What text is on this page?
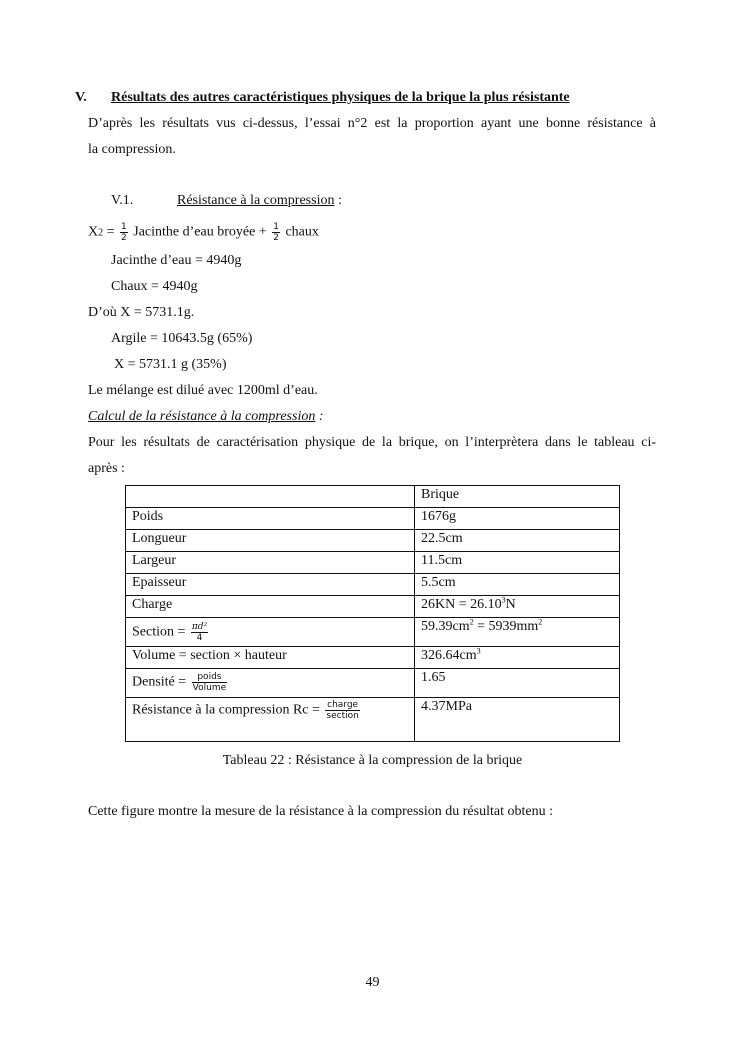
V. Résultats des autres caractéristiques physiques de la brique la plus résistante
D’après les résultats vus ci-dessus, l’essai n°2 est la proportion ayant une bonne résistance à
la compression.
V.1.	Résistance à la compression :
$X2 = \frac{1}{2}$ Jacinthe d’eau broyée + $\frac{1}{2}$ chaux
Jacinthe d’eau = 4940g
Chaux = 4940g
D’où X = 5731.1g.
Argile = 10643.5g (65%)
X = 5731.1 g (35%)
Le mélange est dilué avec 1200ml d’eau.
Calcul de la résistance à la compression :
Pour les résultats de caractérisation physique de la brique, on l’interprètera dans le tableau ci-
après :
	Brique
Poids	1676g
Longueur	22.5cm
Largeur	11.5cm
Epaisseur	5.5cm
Charge	$26KN = 26.10^3N$
Section = $\frac{\text{πd²}}{4}$	$59.39cm^2 = 5939mm^2$
Volume = section × hauteur	$326.64cm^3$
Densité = $\frac{\text{poids}}{\text{Volume}}$	1.65
Résistance à la compression $Rc = \frac{\text{charge}}{\text{section}}$	4.37MPa
Tableau 22 : Résistance à la compression de la brique
Cette figure montre la mesure de la résistance à la compression du résultat obtenu :
49
